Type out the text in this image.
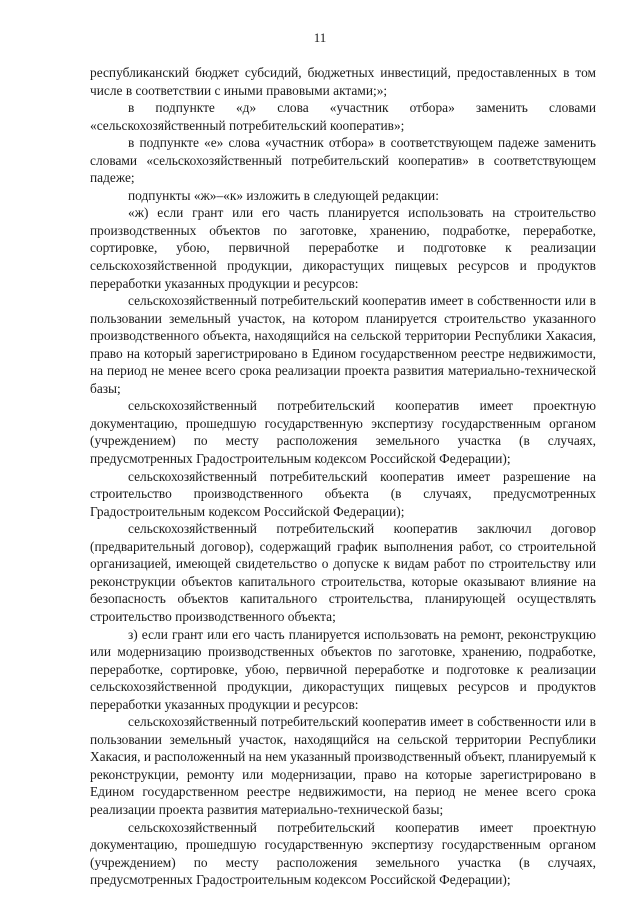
11

республиканский бюджет субсидий, бюджетных инвестиций, предоставленных в том числе в соответствии с иными правовыми актами;»;

в подпункте «д» слова «участник отбора» заменить словами «сельскохозяйственный потребительский кооператив»;

в подпункте «е» слова «участник отбора» в соответствующем падеже заменить словами «сельскохозяйственный потребительский кооператив» в соответствующем падеже;

подпункты «ж»–«к» изложить в следующей редакции:

«ж) если грант или его часть планируется использовать на строительство производственных объектов по заготовке, хранению, подработке, переработке, сортировке, убою, первичной переработке и подготовке к реализации сельскохозяйственной продукции, дикорастущих пищевых ресурсов и продуктов переработки указанных продукции и ресурсов:

сельскохозяйственный потребительский кооператив имеет в собственности или в пользовании земельный участок, на котором планируется строительство указанного производственного объекта, находящийся на сельской территории Республики Хакасия, право на который зарегистрировано в Едином государственном реестре недвижимости, на период не менее всего срока реализации проекта развития материально-технической базы;

сельскохозяйственный потребительский кооператив имеет проектную документацию, прошедшую государственную экспертизу государственным органом (учреждением) по месту расположения земельного участка (в случаях, предусмотренных Градостроительным кодексом Российской Федерации);

сельскохозяйственный потребительский кооператив имеет разрешение на строительство производственного объекта (в случаях, предусмотренных Градостроительным кодексом Российской Федерации);

сельскохозяйственный потребительский кооператив заключил договор (предварительный договор), содержащий график выполнения работ, со строительной организацией, имеющей свидетельство о допуске к видам работ по строительству или реконструкции объектов капитального строительства, которые оказывают влияние на безопасность объектов капитального строительства, планирующей осуществлять строительство производственного объекта;

з) если грант или его часть планируется использовать на ремонт, реконструкцию или модернизацию производственных объектов по заготовке, хранению, подработке, переработке, сортировке, убою, первичной переработке и подготовке к реализации сельскохозяйственной продукции, дикорастущих пищевых ресурсов и продуктов переработки указанных продукции и ресурсов:

сельскохозяйственный потребительский кооператив имеет в собственности или в пользовании земельный участок, находящийся на сельской территории Республики Хакасия, и расположенный на нем указанный производственный объект, планируемый к реконструкции, ремонту или модернизации, право на которые зарегистрировано в Едином государственном реестре недвижимости, на период не менее всего срока реализации проекта развития материально-технической базы;

сельскохозяйственный потребительский кооператив имеет проектную документацию, прошедшую государственную экспертизу государственным органом (учреждением) по месту расположения земельного участка (в случаях, предусмотренных Градостроительным кодексом Российской Федерации);
